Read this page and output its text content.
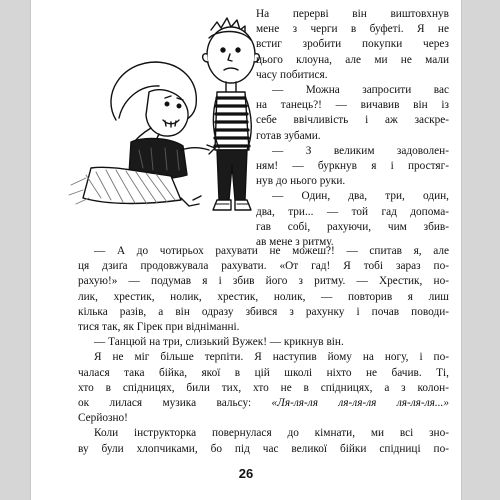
На перерві він виштовхнув
мене з черги в буфеті. Я не
встиг зробити покупки через
цього клоуна, але ми не мали
часу побитися.
— Можна запросити вас
на танець?! — вичавив він із
себе ввічливість і аж заскре-
готав зубами.
— З великим задоволен-
ням! — буркнув я і простяг-
нув до нього руки.
— Один, два, три, один,
два, три... — той гад допома-
гав собі, рахуючи, чим збив-
ав мене з ритму.
— А до чотирьох рахувати не можеш?! — спитав я, але
ця дзиґа продовжувала рахувати. «От гад! Я тобі зараз по-
рахую!» — подумав я і збив його з ритму. — Хрестик, но-
лик, хрестик, нолик, хрестик, нолик, — повторив я лиш
кілька разів, а він одразу збився з рахунку і почав поводи-
тися так, як Гірек при відніманні.
— Танцюй на три, слизький Вужек! — крикнув він.
Я не міг більше терпіти. Я наступив йому на ногу, і по-
чалася така бійка, якої в цій школі ніхто не бачив. Ті,
хто в спідницях, били тих, хто не в спідницях, а з колон-
ок лилася музика вальсу: «Ля-ля-ля ля-ля-ля ля-ля-ля...»
Серйозно!
Коли інструкторка повернулася до кімнати, ми всі зно-
ву були хлопчиками, бо під час великої бійки спідниці по-
26
